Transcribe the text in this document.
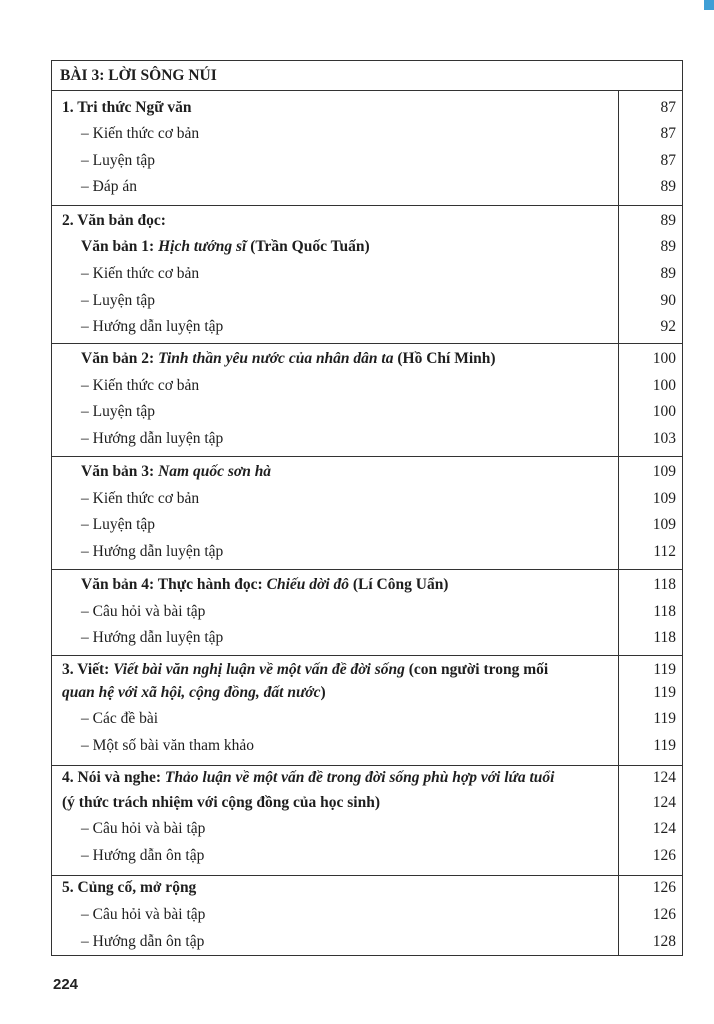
BÀI 3: LỜI SÔNG NÚI
1. Tri thức Ngữ văn	87
– Kiến thức cơ bản	87
– Luyện tập	87
– Đáp án	89
2. Văn bản đọc:	89
Văn bản 1: Hịch tướng sĩ (Trần Quốc Tuấn)	89
– Kiến thức cơ bản	89
– Luyện tập	90
– Hướng dẫn luyện tập	92
Văn bản 2: Tinh thần yêu nước của nhân dân ta (Hồ Chí Minh)	100
– Kiến thức cơ bản	100
– Luyện tập	100
– Hướng dẫn luyện tập	103
Văn bản 3: Nam quốc sơn hà	109
– Kiến thức cơ bản	109
– Luyện tập	109
– Hướng dẫn luyện tập	112
Văn bản 4: Thực hành đọc: Chiếu dời đô (Lí Công Uẩn)	118
– Câu hỏi và bài tập	118
– Hướng dẫn luyện tập	118
3. Viết: Viết bài văn nghị luận về một vấn đề đời sống (con người trong mối	119
quan hệ với xã hội, cộng đồng, đất nước)	119
– Các đề bài	119
– Một số bài văn tham khảo	119
4. Nói và nghe: Thảo luận về một vấn đề trong đời sống phù hợp với lứa tuổi	124
(ý thức trách nhiệm với cộng đồng của học sinh)	124
– Câu hỏi và bài tập	124
– Hướng dẫn ôn tập	126
5. Củng cố, mở rộng	126
– Câu hỏi và bài tập	126
– Hướng dẫn ôn tập	128
224
